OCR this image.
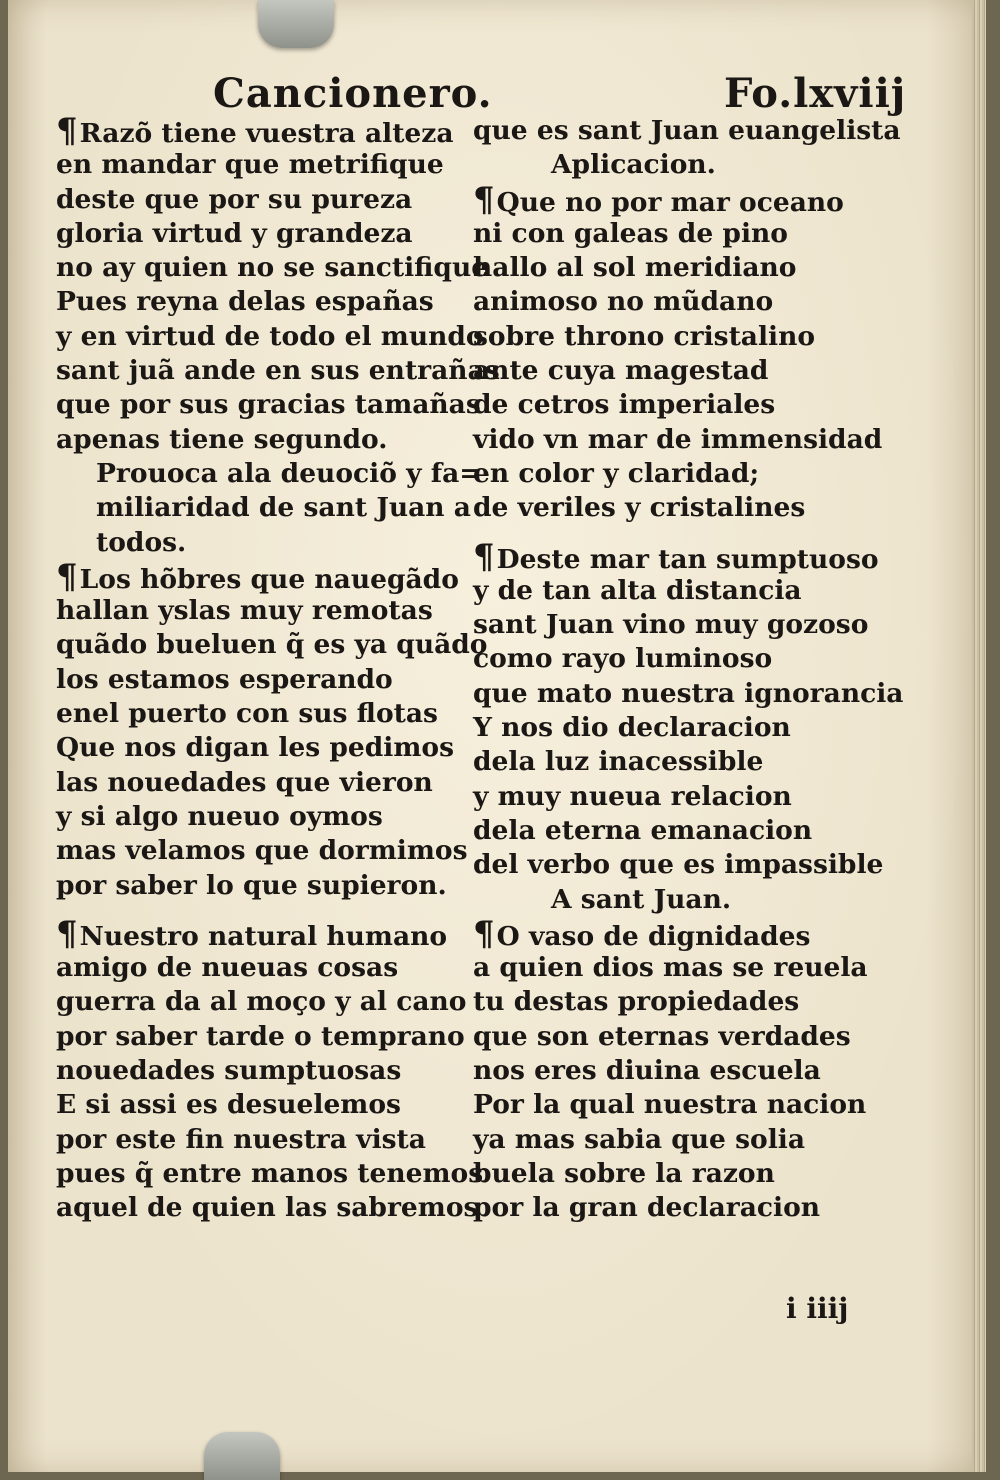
Cancionero.	Fo.lxviij
¶Razõ tiene vuestra alteza
en mandar que metrifique
deste que por su pureza
gloria virtud y grandeza
no ay quien no se sanctifique
Pues reyna delas españas
y en virtud de todo el mundo
sant juã ande en sus entrañas
que por sus gracias tamañas
apenas tiene segundo.
Prouoca ala deuociõ y fa=
miliaridad de sant Juan a
todos.
¶Los hõbres que nauegãdo
hallan yslas muy remotas
quãdo bueluen q̃ es ya quãdo
los estamos esperando
enel puerto con sus flotas
Que nos digan les pedimos
las nouedades que vieron
y si algo nueuo oymos
mas velamos que dormimos
por saber lo que supieron.
¶Nuestro natural humano
amigo de nueuas cosas
guerra da al moço y al cano
por saber tarde o temprano
nouedades sumptuosas
E si assi es desuelemos
por este fin nuestra vista
pues q̃ entre manos tenemos
aquel de quien las sabremos
que es sant Juan euangelista
Aplicacion.
¶Que no por mar oceano
ni con galeas de pino
hallo al sol meridiano
animoso no mũdano
sobre throno cristalino
ante cuya magestad
de cetros imperiales
vido vn mar de immensidad
en color y claridad;
de veriles y cristalines
¶Deste mar tan sumptuoso
y de tan alta distancia
sant Juan vino muy gozoso
como rayo luminoso
que mato nuestra ignorancia
Y nos dio declaracion
dela luz inacessible
y muy nueua relacion
dela eterna emanacion
del verbo que es impassible
A sant Juan.
¶O vaso de dignidades
a quien dios mas se reuela
tu destas propiedades
que son eternas verdades
nos eres diuina escuela
Por la qual nuestra nacion
ya mas sabia que solia
buela sobre la razon
por la gran declaracion
i iiij
